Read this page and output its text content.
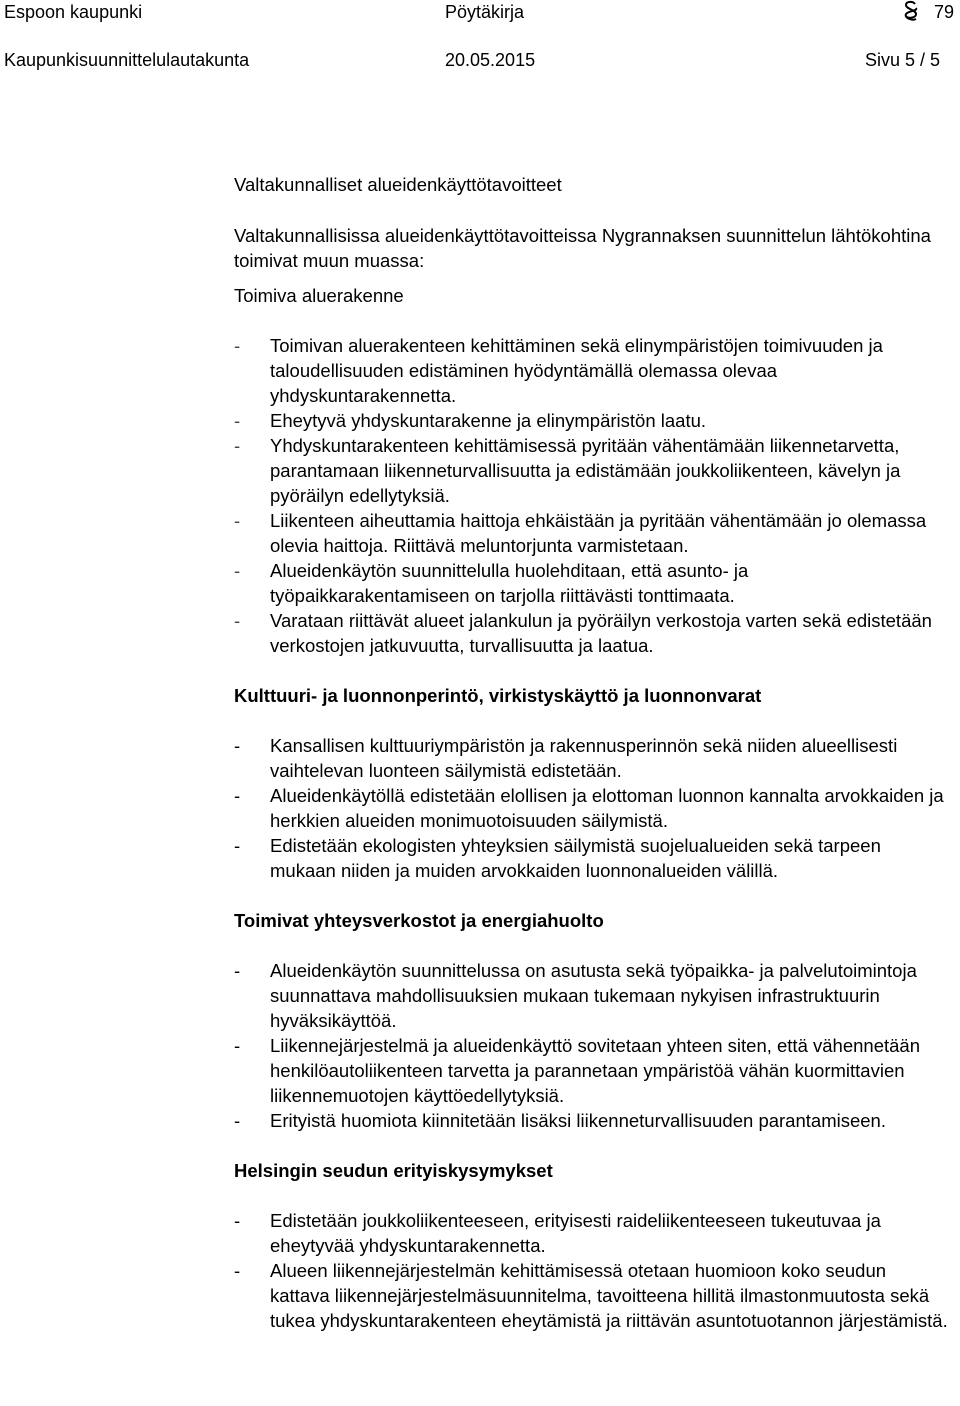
Espoon kaupunki	Pöytäkirja	79
Kaupunkisuunnittelulautakunta	20.05.2015	Sivu 5 / 5

Valtakunnalliset alueidenkäyttötavoitteet

Valtakunnallisissa alueidenkäyttötavoitteissa Nygrannaksen suunnittelun lähtökohtina toimivat muun muassa:

Toimiva aluerakenne

- Toimivan aluerakenteen kehittäminen sekä elinympäristöjen toimivuuden ja taloudellisuuden edistäminen hyödyntämällä olemassa olevaa yhdyskuntarakennetta.
- Eheytyvä yhdyskuntarakenne ja elinympäristön laatu.
- Yhdyskuntarakenteen kehittämisessä pyritään vähentämään liikennetarvetta, parantamaan liikenneturvallisuutta ja edistämään joukkoliikenteen, kävelyn ja pyöräilyn edellytyksiä.
- Liikenteen aiheuttamia haittoja ehkäistään ja pyritään vähentämään jo olemassa olevia haittoja. Riittävä meluntorjunta varmistetaan.
- Alueidenkäytön suunnittelulla huolehditaan, että asunto- ja työpaikkarakentamiseen on tarjolla riittävästi tonttimaata.
- Varataan riittävät alueet jalankulun ja pyöräilyn verkostoja varten sekä edistetään verkostojen jatkuvuutta, turvallisuutta ja laatua.

Kulttuuri- ja luonnonperintö, virkistyskäyttö ja luonnonvarat

- Kansallisen kulttuuriympäristön ja rakennusperinnön sekä niiden alueellisesti vaihtelevan luonteen säilymistä edistetään.
- Alueidenkäytöllä edistetään elollisen ja elottoman luonnon kannalta arvokkaiden ja herkkien alueiden monimuotoisuuden säilymistä.
- Edistetään ekologisten yhteyksien säilymistä suojelualueiden sekä tarpeen mukaan niiden ja muiden arvokkaiden luonnonalueiden välillä.

Toimivat yhteysverkostot ja energiahuolto

- Alueidenkäytön suunnittelussa on asutusta sekä työpaikka- ja palvelutoimintoja suunnattava mahdollisuuksien mukaan tukemaan nykyisen infrastruktuurin hyväksikäyttöä.
- Liikennejärjestelmä ja alueidenkäyttö sovitetaan yhteen siten, että vähennetään henkilöautoliikenteen tarvetta ja parannetaan ympäristöä vähän kuormittavien liikennemuotojen käyttöedellytyksiä.
- Erityistä huomiota kiinnitetään lisäksi liikenneturvallisuuden parantamiseen.

Helsingin seudun erityiskysymykset

- Edistetään joukkoliikenteeseen, erityisesti raideliikenteeseen tukeutuvaa ja eheytyvää yhdyskuntarakennetta.
- Alueen liikennejärjestelmän kehittämisessä otetaan huomioon koko seudun kattava liikennejärjestelmäsuunnitelma, tavoitteena hillitä ilmastonmuutosta sekä tukea yhdyskuntarakenteen eheytämistä ja riittävän asuntotuotannon järjestämistä.
